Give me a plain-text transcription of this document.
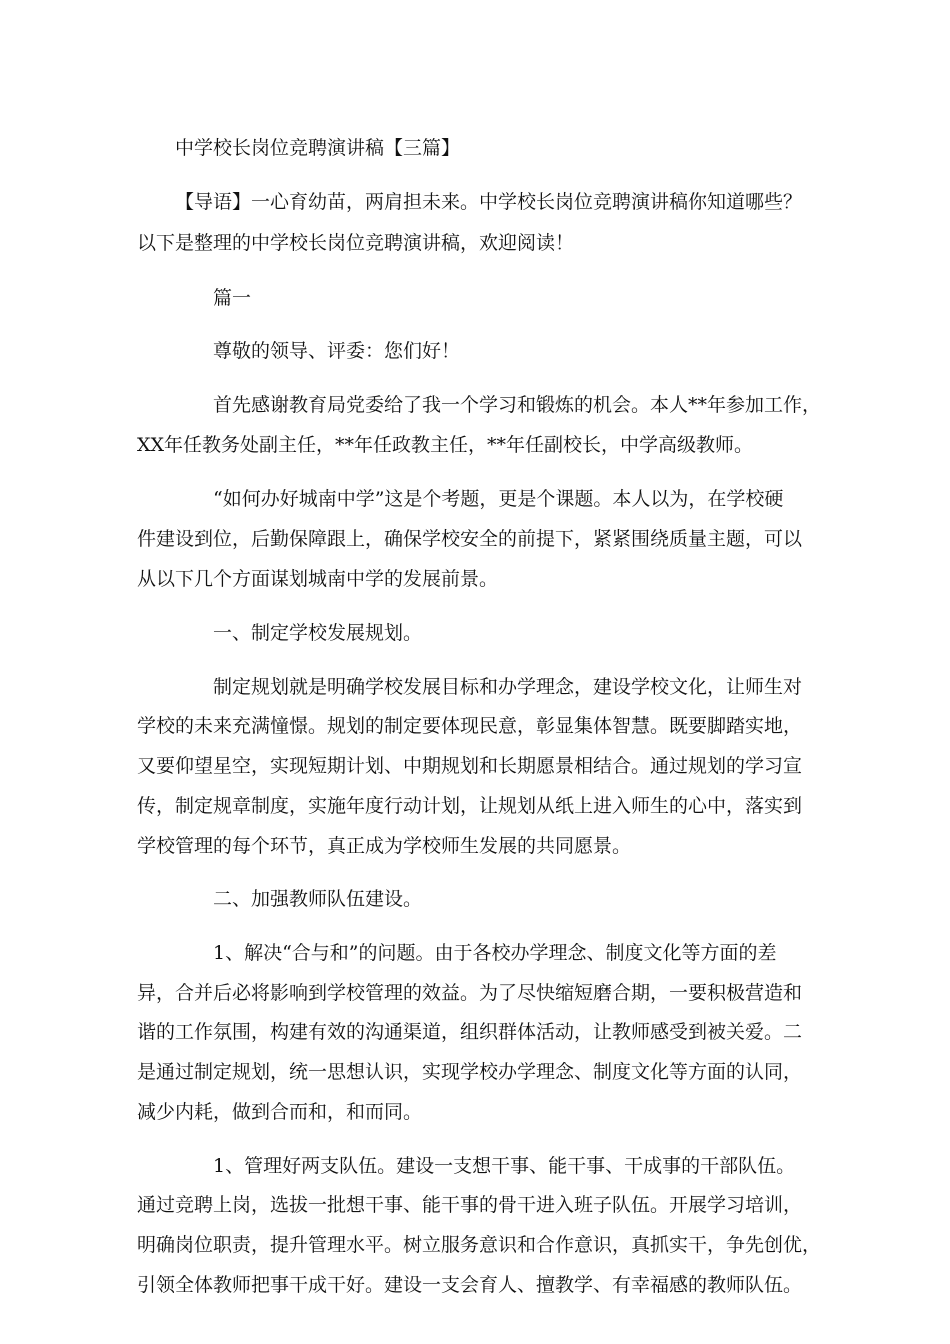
中学校长岗位竞聘演讲稿【三篇】
【导语】一心育幼苗，两肩担未来。中学校长岗位竞聘演讲稿你知道哪些？
以下是整理的中学校长岗位竞聘演讲稿，欢迎阅读！
篇一
尊敬的领导、评委：您们好！
首先感谢教育局党委给了我一个学习和锻炼的机会。本人**年参加工作，
XX年任教务处副主任，**年任政教主任，**年任副校长，中学高级教师。
“如何办好城南中学”这是个考题，更是个课题。本人以为，在学校硬
件建设到位，后勤保障跟上，确保学校安全的前提下，紧紧围绕质量主题，可以
从以下几个方面谋划城南中学的发展前景。
一、制定学校发展规划。
制定规划就是明确学校发展目标和办学理念，建设学校文化，让师生对
学校的未来充满憧憬。规划的制定要体现民意，彰显集体智慧。既要脚踏实地，
又要仰望星空，实现短期计划、中期规划和长期愿景相结合。通过规划的学习宣
传，制定规章制度，实施年度行动计划，让规划从纸上进入师生的心中，落实到
学校管理的每个环节，真正成为学校师生发展的共同愿景。
二、加强教师队伍建设。
1、解决“合与和”的问题。由于各校办学理念、制度文化等方面的差
异，合并后必将影响到学校管理的效益。为了尽快缩短磨合期，一要积极营造和
谐的工作氛围，构建有效的沟通渠道，组织群体活动，让教师感受到被关爱。二
是通过制定规划，统一思想认识，实现学校办学理念、制度文化等方面的认同，
减少内耗，做到合而和，和而同。
1、管理好两支队伍。建设一支想干事、能干事、干成事的干部队伍。
通过竞聘上岗，选拔一批想干事、能干事的骨干进入班子队伍。开展学习培训，
明确岗位职责，提升管理水平。树立服务意识和合作意识，真抓实干，争先创优，
引领全体教师把事干成干好。建设一支会育人、擅教学、有幸福感的教师队伍。
